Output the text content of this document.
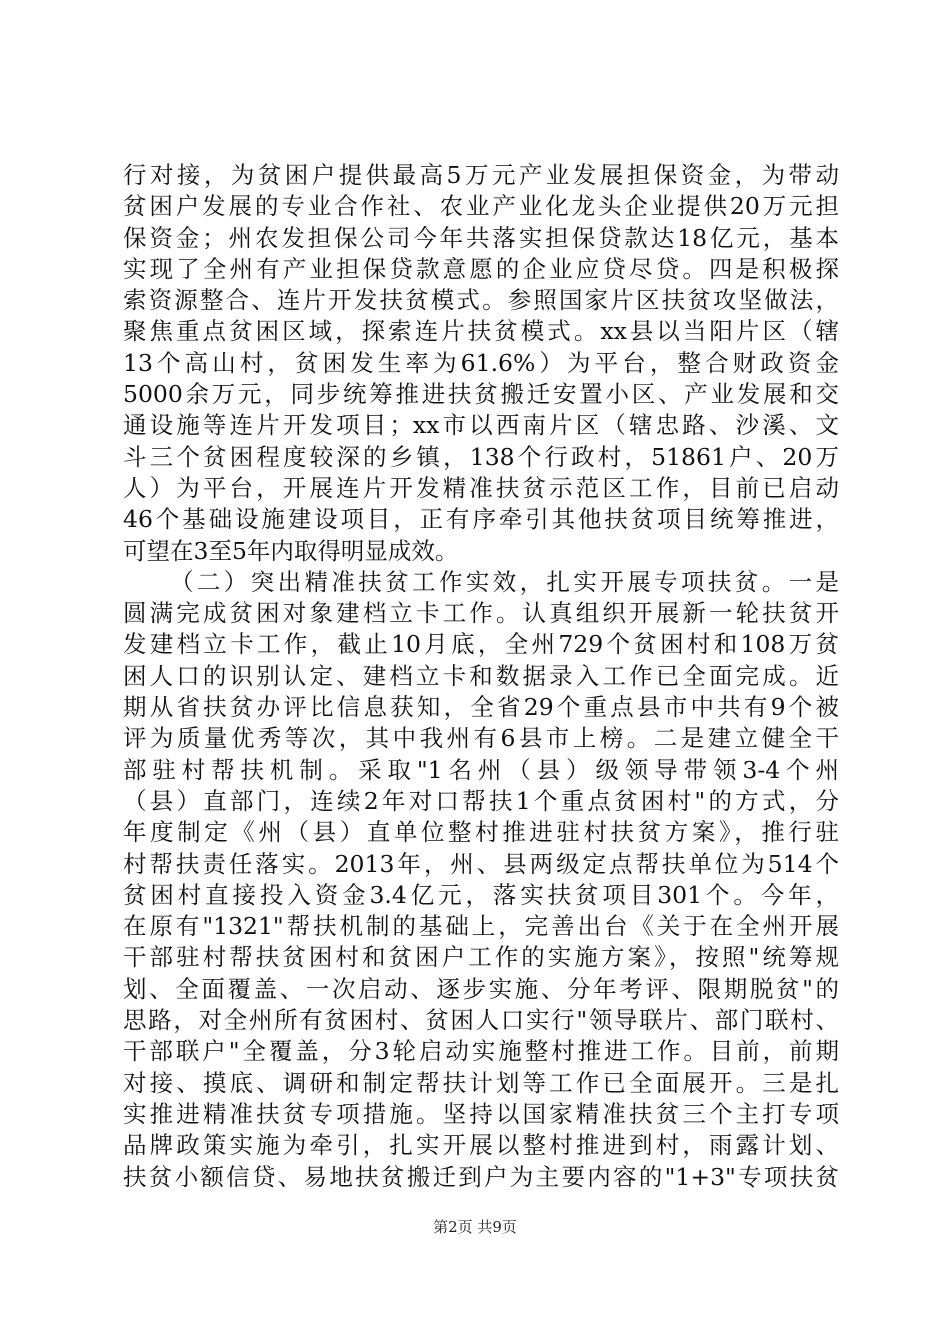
行对接，为贫困户提供最高5万元产业发展担保资金，为带动
贫困户发展的专业合作社、农业产业化龙头企业提供20万元担
保资金；州农发担保公司今年共落实担保贷款达18亿元，基本
实现了全州有产业担保贷款意愿的企业应贷尽贷。四是积极探
索资源整合、连片开发扶贫模式。参照国家片区扶贫攻坚做法，
聚焦重点贫困区域，探索连片扶贫模式。xx县以当阳片区（辖
13个高山村，贫困发生率为61.6%）为平台，整合财政资金
5000余万元，同步统筹推进扶贫搬迁安置小区、产业发展和交
通设施等连片开发项目；xx市以西南片区（辖忠路、沙溪、文
斗三个贫困程度较深的乡镇，138个行政村，51861户、20万
人）为平台，开展连片开发精准扶贫示范区工作，目前已启动
46个基础设施建设项目，正有序牵引其他扶贫项目统筹推进，
可望在3至5年内取得明显成效。
（二）突出精准扶贫工作实效，扎实开展专项扶贫。一是
圆满完成贫困对象建档立卡工作。认真组织开展新一轮扶贫开
发建档立卡工作，截止10月底，全州729个贫困村和108万贫
困人口的识别认定、建档立卡和数据录入工作已全面完成。近
期从省扶贫办评比信息获知，全省29个重点县市中共有9个被
评为质量优秀等次，其中我州有6县市上榜。二是建立健全干
部驻村帮扶机制。采取"1名州（县）级领导带领3-4个州
（县）直部门，连续2年对口帮扶1个重点贫困村"的方式，分
年度制定《州（县）直单位整村推进驻村扶贫方案》，推行驻
村帮扶责任落实。2013年，州、县两级定点帮扶单位为514个
贫困村直接投入资金3.4亿元，落实扶贫项目301个。今年，
在原有"1321"帮扶机制的基础上，完善出台《关于在全州开展
干部驻村帮扶贫困村和贫困户工作的实施方案》，按照"统筹规
划、全面覆盖、一次启动、逐步实施、分年考评、限期脱贫"的
思路，对全州所有贫困村、贫困人口实行"领导联片、部门联村、
干部联户"全覆盖，分3轮启动实施整村推进工作。目前，前期
对接、摸底、调研和制定帮扶计划等工作已全面展开。三是扎
实推进精准扶贫专项措施。坚持以国家精准扶贫三个主打专项
品牌政策实施为牵引，扎实开展以整村推进到村，雨露计划、
扶贫小额信贷、易地扶贫搬迁到户为主要内容的"1+3"专项扶贫
第2页 共9页
